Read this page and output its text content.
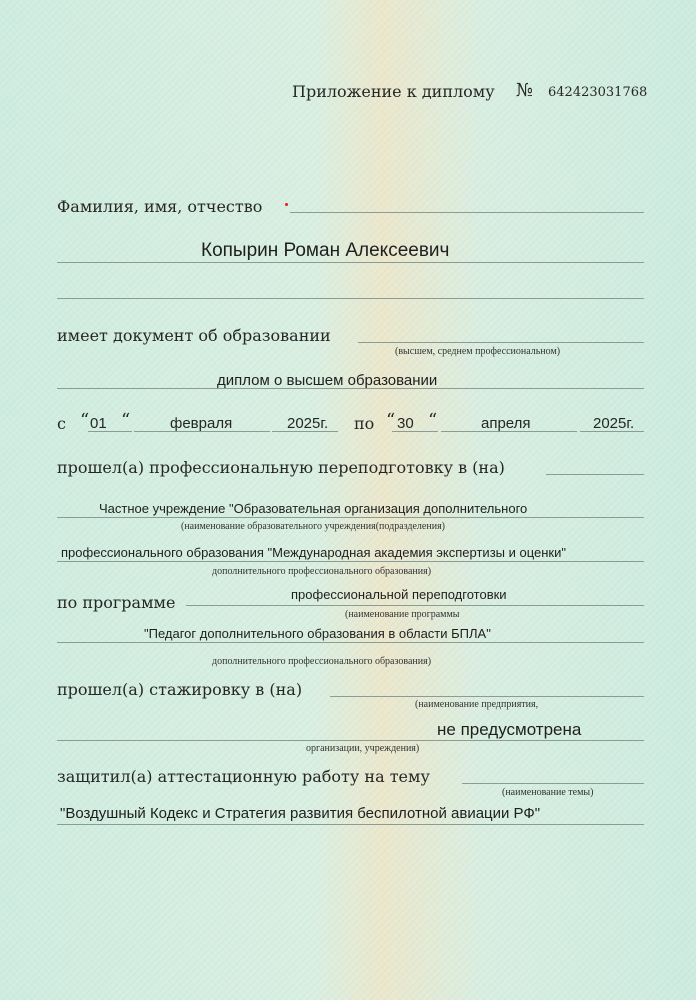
Приложение к диплому № 642423031768
Фамилия, имя, отчество
Копырин Роман Алексеевич
имеет документ об образовании
(высшем, среднем профессиональном)
диплом о высшем образовании
с “ 01 “	февраля	2025г. по “ 30 “	апреля	2025г.
прошел(а) профессиональную переподготовку в (на)
Частное учреждение "Образовательная организация дополнительного
(наименование образовательного учреждения(подразделения)
профессионального образования "Международная академия экспертизы и оценки"
дополнительного профессионального образования)
по программе	профессиональной переподготовки
(наименование программы
"Педагог дополнительного образования в области БПЛА"
дополнительного профессионального образования)
прошел(а) стажировку в (на)
(наименование предприятия,
не предусмотрена
организации, учреждения)
защитил(а) аттестационную работу на тему
(наименование темы)
"Воздушный Кодекс и Стратегия развития беспилотной авиации РФ"
